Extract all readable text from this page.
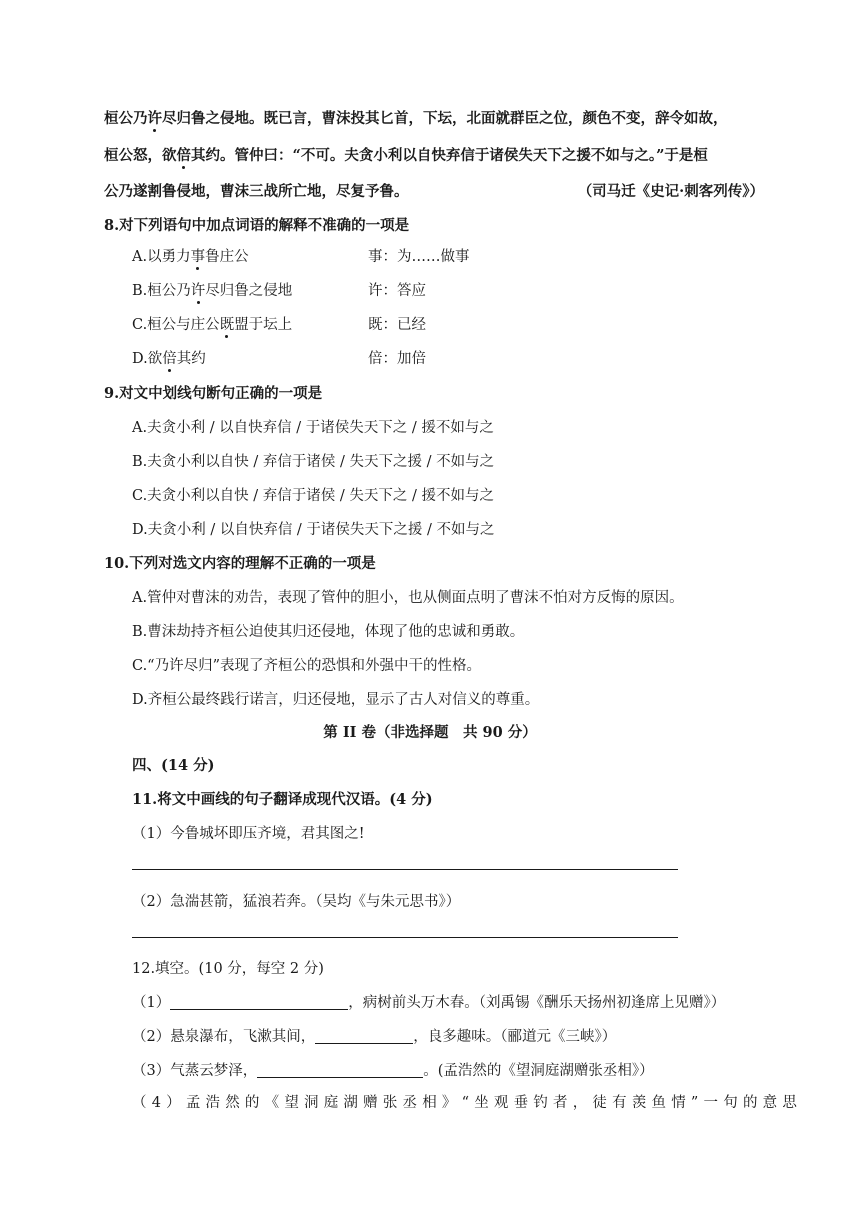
桓公乃许尽归鲁之侵地。既已言，曹沫投其匕首，下坛，北面就群臣之位，颜色不变，辞令如故，
桓公怒，欲倍其约。管仲曰：“不可。夫贪小利以自快弃信于诸侯失天下之援不如与之。”于是桓
公乃遂割鲁侵地，曹沫三战所亡地，尽复予鲁。	（司马迁《史记·刺客列传》）
8.对下列语句中加点词语的解释不准确的一项是
A.以勇力事鲁庄公	事：为……做事
B.桓公乃许尽归鲁之侵地	许：答应
C.桓公与庄公既盟于坛上	既：已经
D.欲倍其约	倍：加倍
9.对文中划线句断句正确的一项是
A.夫贪小利 / 以自快弃信 / 于诸侯失天下之 / 援不如与之
B.夫贪小利以自快 / 弃信于诸侯 / 失天下之援 / 不如与之
C.夫贪小利以自快 / 弃信于诸侯 / 失天下之 / 援不如与之
D.夫贪小利 / 以自快弃信 / 于诸侯失天下之援 / 不如与之
10.下列对选文内容的理解不正确的一项是
A.管仲对曹沫的劝告，表现了管仲的胆小，也从侧面点明了曹沫不怕对方反悔的原因。
B.曹沫劫持齐桓公迫使其归还侵地，体现了他的忠诚和勇敢。
C.“乃许尽归”表现了齐桓公的恐惧和外强中干的性格。
D.齐桓公最终践行诺言，归还侵地，显示了古人对信义的尊重。
第 II 卷（非选择题　共 90 分）
四、(14 分)
11.将文中画线的句子翻译成现代汉语。(4 分)
（1）今鲁城坏即压齐境，君其图之!
（2）急湍甚箭，猛浪若奔。（吴均《与朱元思书》）
12.填空。(10 分，每空 2 分)
（1）	，病树前头万木春。（刘禹锡《酬乐天扬州初逢席上见赠》）
（2）悬泉瀑布，飞漱其间，	，良多趣味。（郦道元《三峡》）
（3）气蒸云梦泽，	。(孟浩然的《望洞庭湖赠张丞相》）
（4）孟浩然的《望洞庭湖赠张丞相》“坐观垂钓者，徒有羡鱼情”一句的意思
